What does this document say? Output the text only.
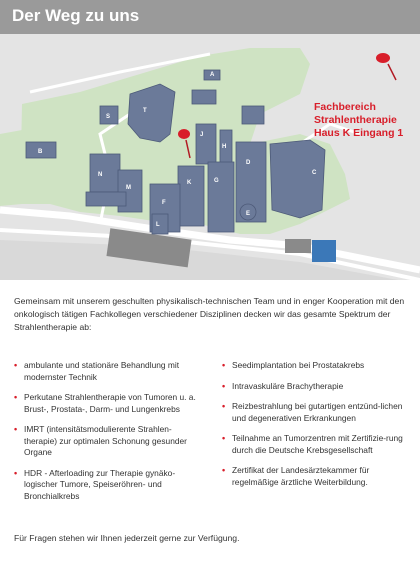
Der Weg zu uns
T
S
B
J
H
K	G
D
C
F
E
N
M
L
A
Fachbereich
Strahlentherapie
Haus K Eingang 1

Gemeinsam mit unserem geschulten physikalisch-technischen Team und in enger Kooperation mit den onkologisch tätigen Fachkollegen verschiedener Disziplinen decken wir das gesamte Spektrum der Strahlentherapie ab:

• ambulante und stationäre Behandlung mit modernster Technik
• Perkutane Strahlentherapie von Tumoren u. a. Brust-, Prostata-, Darm- und Lungenkrebs
• IMRT (intensitätsmodulierente Strahlen-therapie) zur optimalen Schonung gesunder Organe
• HDR - Afterloading zur Therapie gynäko-logischer Tumore, Speiseröhren- und Bronchialkrebs
• Seedimplantation bei Prostatakrebs
• Intravaskuläre Brachytherapie
• Reizbestrahlung bei gutartigen entzünd-lichen und degenerativen Erkrankungen
• Teilnahme an Tumorzentren mit Zertifizie-rung durch die Deutsche Krebsgesellschaft
• Zertifikat der Landesärztekammer für regelmäßige ärztliche Weiterbildung.

Für Fragen stehen wir Ihnen jederzeit gerne zur Verfügung.
